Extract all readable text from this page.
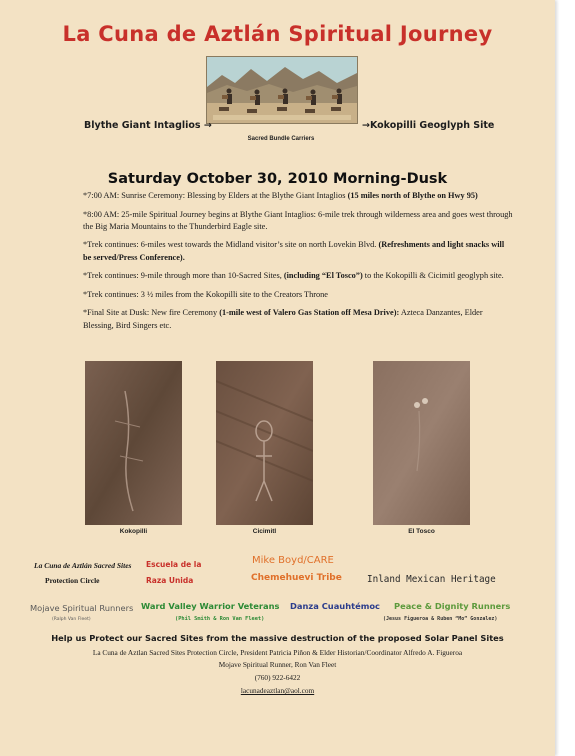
La Cuna de Aztlán Spiritual Journey
Blythe Giant Intaglios →	→Kokopilli Geoglyph Site
Sacred Bundle Carriers
Saturday October 30, 2010 Morning-Dusk

*7:00 AM: Sunrise Ceremony: Blessing by Elders at the Blythe Giant Intaglios (15 miles north of Blythe on Hwy 95)

*8:00 AM: 25-mile Spiritual Journey begins at Blythe Giant Intaglios: 6-mile trek through wilderness area and goes west through the Big Maria Mountains to the Thunderbird Eagle site.

*Trek continues: 6-miles west towards the Midland visitor’s site on north Lovekin Blvd. (Refreshments and light snacks will be served/Press Conference).

*Trek continues: 9-mile through more than 10-Sacred Sites, (including “El Tosco”) to the Kokopilli & Cicimitl geoglyph site.

*Trek continues: 3 ½ miles from the Kokopilli site to the Creators Throne

*Final Site at Dusk: New fire Ceremony (1-mile west of Valero Gas Station off Mesa Drive): Azteca Danzantes, Elder Blessing, Bird Singers etc.

Kokopilli	Cicimitl	El Tosco
La Cuna de Aztlán Sacred Sites
Protection Circle
Escuela de la
Raza Unida
Mike Boyd/CARE
Chemehuevi Tribe	Inland Mexican Heritage
Mojave Spiritual Runners
(Ralph Van Fleet)
Ward Valley Warrior Veterans
(Phil Smith & Ron Van Fleet)
Danza Cuauhtémoc Peace & Dignity Runners
(Jesus Figueroa & Ruben “Mo” Gonzalez)
Help us Protect our Sacred Sites from the massive destruction of the proposed Solar Panel Sites
La Cuna de Aztlan Sacred Sites Protection Circle, President Patricia Piñon & Elder Historian/Coordinator Alfredo A. Figueroa
Mojave Spiritual Runner, Ron Van Fleet
(760) 922-6422
lacunadeaztlan@aol.com
